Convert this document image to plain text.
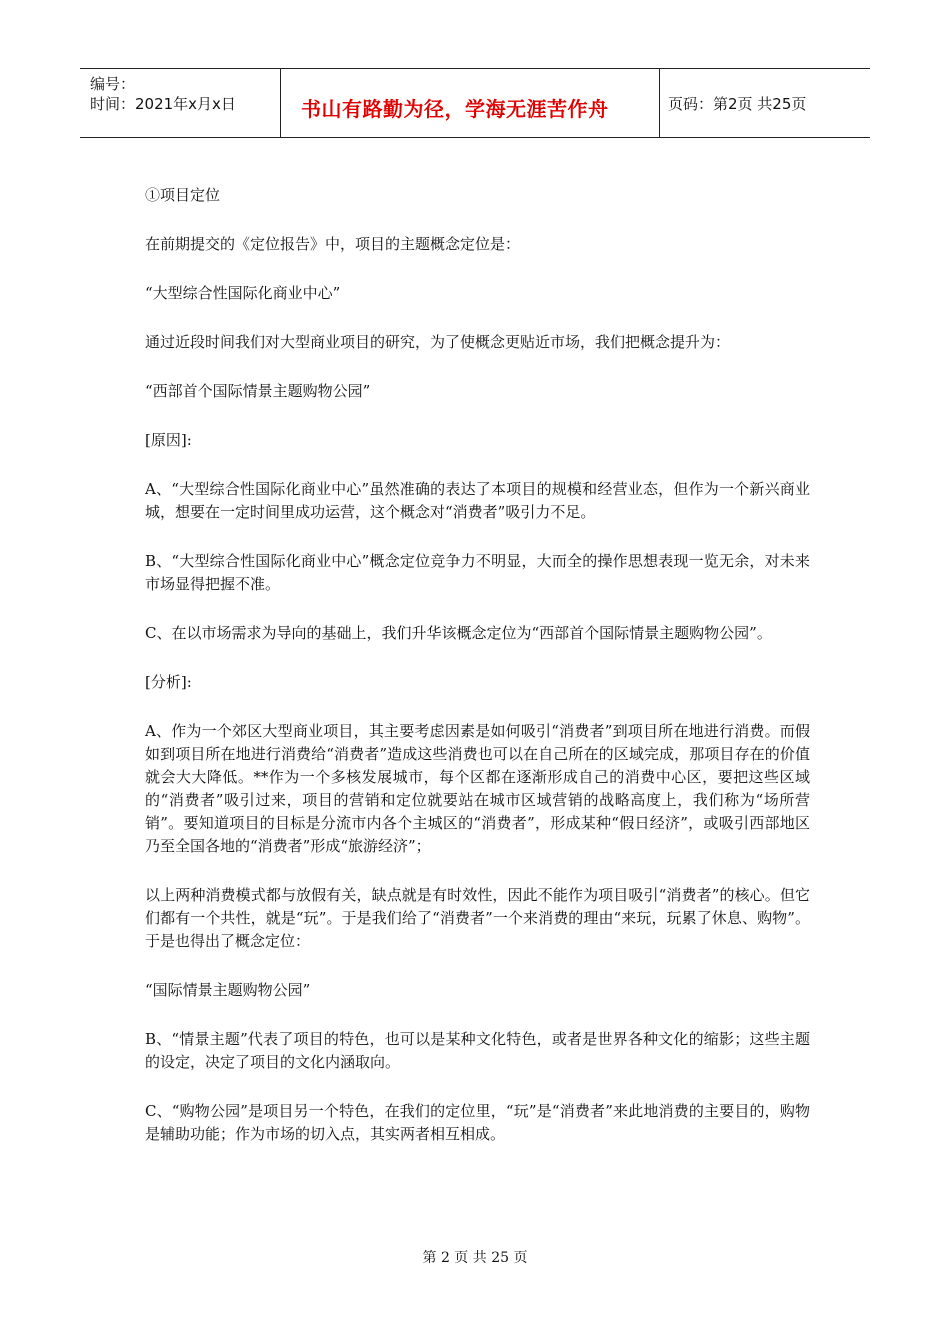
编号：
时间：2021年x月x日	书山有路勤为径，学海无涯苦作舟	页码：第2页 共25页

①项目定位

在前期提交的《定位报告》中，项目的主题概念定位是：

“大型综合性国际化商业中心”

通过近段时间我们对大型商业项目的研究，为了使概念更贴近市场，我们把概念提升为：

“西部首个国际情景主题购物公园”

[原因]:

A、“大型综合性国际化商业中心”虽然准确的表达了本项目的规模和经营业态，但作为一个新兴商业城，想要在一定时间里成功运营，这个概念对“消费者”吸引力不足。

B、“大型综合性国际化商业中心”概念定位竞争力不明显，大而全的操作思想表现一览无余，对未来市场显得把握不准。

C、在以市场需求为导向的基础上，我们升华该概念定位为“西部首个国际情景主题购物公园”。

[分析]:

A、作为一个郊区大型商业项目，其主要考虑因素是如何吸引“消费者”到项目所在地进行消费。而假如到项目所在地进行消费给“消费者”造成这些消费也可以在自己所在的区域完成，那项目存在的价值就会大大降低。**作为一个多核发展城市，每个区都在逐渐形成自己的消费中心区，要把这些区域的“消费者”吸引过来，项目的营销和定位就要站在城市区域营销的战略高度上，我们称为“场所营销”。要知道项目的目标是分流市内各个主城区的“消费者”，形成某种“假日经济”，或吸引西部地区乃至全国各地的“消费者”形成“旅游经济”；

以上两种消费模式都与放假有关，缺点就是有时效性，因此不能作为项目吸引“消费者”的核心。但它们都有一个共性，就是“玩”。于是我们给了“消费者”一个来消费的理由“来玩，玩累了休息、购物”。于是也得出了概念定位：

“国际情景主题购物公园”

B、“情景主题”代表了项目的特色，也可以是某种文化特色，或者是世界各种文化的缩影；这些主题的设定，决定了项目的文化内涵取向。

C、“购物公园”是项目另一个特色，在我们的定位里，“玩”是“消费者”来此地消费的主要目的，购物是辅助功能；作为市场的切入点，其实两者相互相成。

第 2 页 共 25 页
